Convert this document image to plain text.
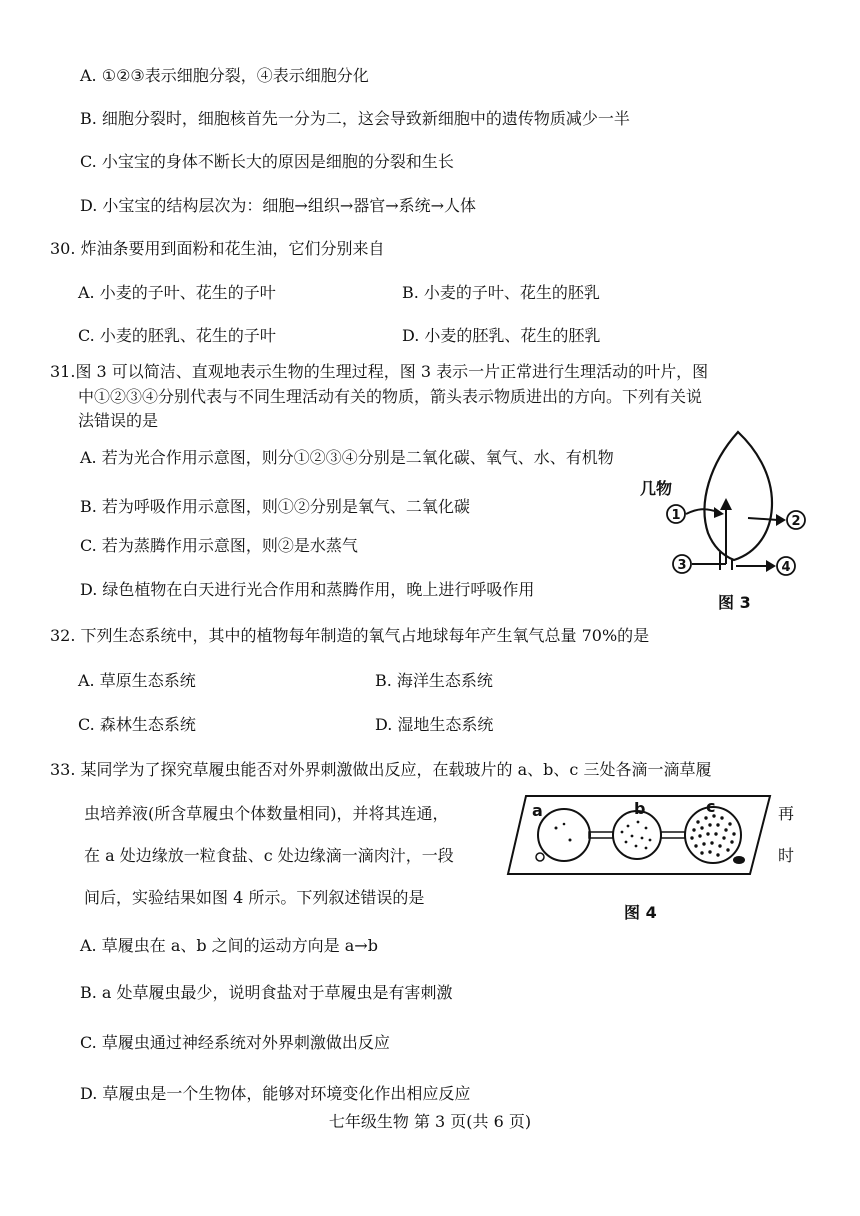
A. ①②③表示细胞分裂，④表示细胞分化
B. 细胞分裂时，细胞核首先一分为二，这会导致新细胞中的遗传物质减少一半
C. 小宝宝的身体不断长大的原因是细胞的分裂和生长
D. 小宝宝的结构层次为：细胞→组织→器官→系统→人体
30. 炸油条要用到面粉和花生油，它们分别来自
A. 小麦的子叶、花生的子叶	B. 小麦的子叶、花生的胚乳
C. 小麦的胚乳、花生的子叶	D. 小麦的胚乳、花生的胚乳
31.图 3 可以简洁、直观地表示生物的生理过程，图 3 表示一片正常进行生理活动的叶片，图
中①②③④分别代表与不同生理活动有关的物质，箭头表示物质进出的方向。下列有关说
法错误的是
A. 若为光合作用示意图，则分①②③④分别是二氧化碳、氧气、水、有机物
B. 若为呼吸作用示意图，则①②分别是氧气、二氧化碳
C. 若为蒸腾作用示意图，则②是水蒸气
D. 绿色植物在白天进行光合作用和蒸腾作用，晚上进行呼吸作用
几物
1	2
3	4
图 3
32. 下列生态系统中，其中的植物每年制造的氧气占地球每年产生氧气总量 70%的是
A. 草原生态系统	B. 海洋生态系统
C. 森林生态系统	D. 湿地生态系统
33. 某同学为了探究草履虫能否对外界刺激做出反应，在载玻片的 a、b、c 三处各滴一滴草履
虫培养液(所含草履虫个体数量相同)，并将其连通，	再
在 a 处边缘放一粒食盐、c 处边缘滴一滴肉汁，一段	时
间后，实验结果如图 4 所示。下列叙述错误的是
a	b	c
图 4
A. 草履虫在 a、b 之间的运动方向是 a→b
B. a 处草履虫最少，说明食盐对于草履虫是有害刺激
C. 草履虫通过神经系统对外界刺激做出反应
D. 草履虫是一个生物体，能够对环境变化作出相应反应
七年级生物 第 3 页(共 6 页)
